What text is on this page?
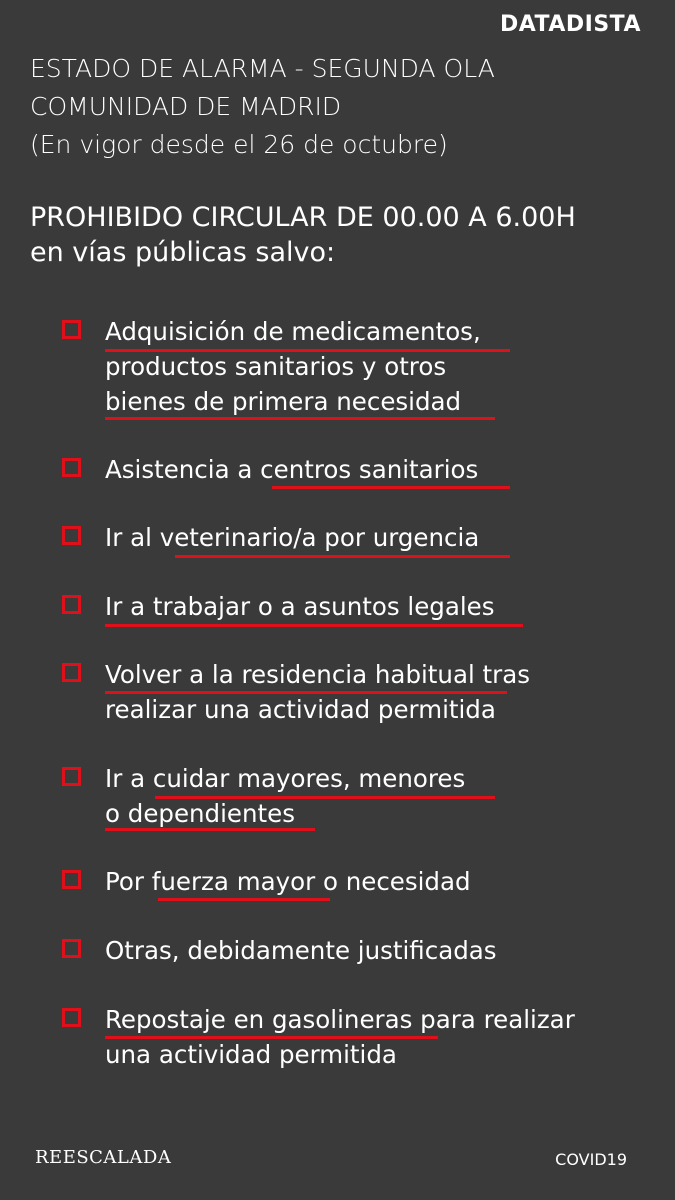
DATADISTA
ESTADO DE ALARMA - SEGUNDA OLA
COMUNIDAD DE MADRID
(En vigor desde el 26 de octubre)
PROHIBIDO CIRCULAR DE 00.00 A 6.00H
en vías públicas salvo:
Adquisición de medicamentos,
productos sanitarios y otros
bienes de primera necesidad
Asistencia a centros sanitarios
Ir al veterinario/a por urgencia
Ir a trabajar o a asuntos legales
Volver a la residencia habitual tras
realizar una actividad permitida
Ir a cuidar mayores, menores
o dependientes
Por fuerza mayor o necesidad
Otras, debidamente justificadas
Repostaje en gasolineras para realizar
una actividad permitida
REESCALADA	COVID19
